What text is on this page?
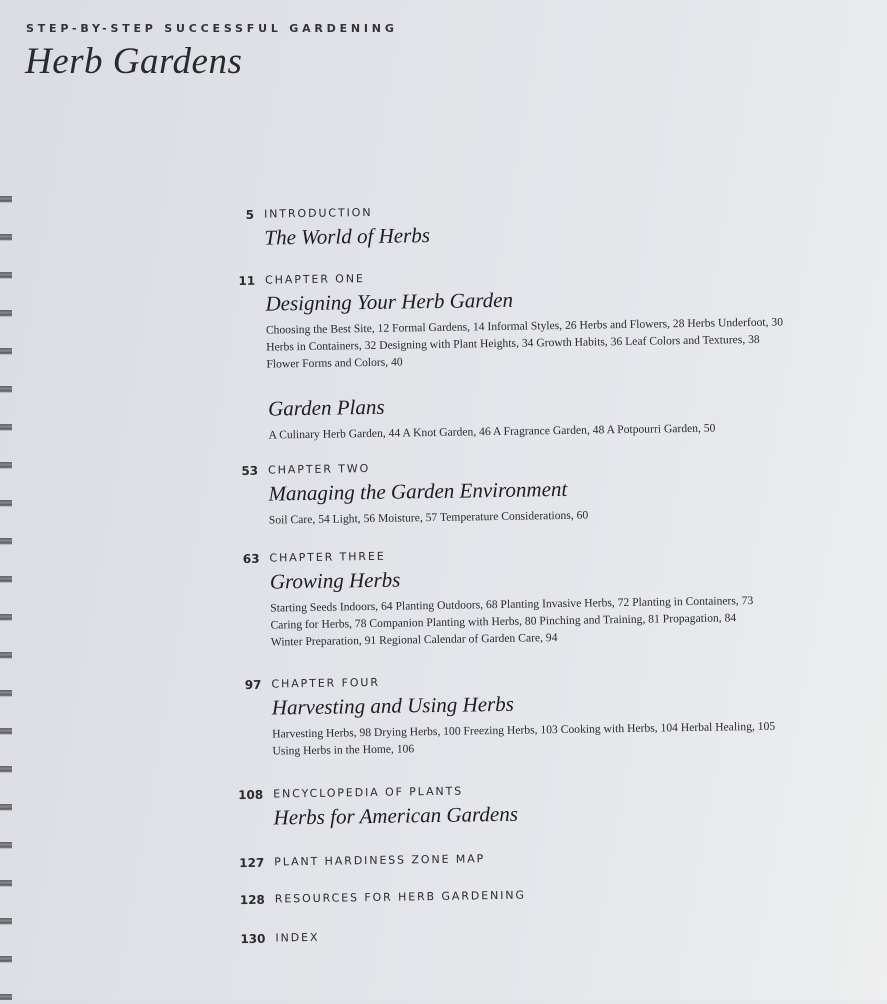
STEP-BY-STEP SUCCESSFUL GARDENING
Herb Gardens
5 INTRODUCTION
The World of Herbs
11 CHAPTER ONE
Designing Your Herb Garden
Choosing the Best Site, 12 Formal Gardens, 14 Informal Styles, 26 Herbs and Flowers, 28 Herbs Underfoot, 30
Herbs in Containers, 32 Designing with Plant Heights, 34 Growth Habits, 36 Leaf Colors and Textures, 38
Flower Forms and Colors, 40
Garden Plans
A Culinary Herb Garden, 44 A Knot Garden, 46 A Fragrance Garden, 48 A Potpourri Garden, 50
53 CHAPTER TWO
Managing the Garden Environment
Soil Care, 54 Light, 56 Moisture, 57 Temperature Considerations, 60
63 CHAPTER THREE
Growing Herbs
Starting Seeds Indoors, 64 Planting Outdoors, 68 Planting Invasive Herbs, 72 Planting in Containers, 73
Caring for Herbs, 78 Companion Planting with Herbs, 80 Pinching and Training, 81 Propagation, 84
Winter Preparation, 91 Regional Calendar of Garden Care, 94
97 CHAPTER FOUR
Harvesting and Using Herbs
Harvesting Herbs, 98 Drying Herbs, 100 Freezing Herbs, 103 Cooking with Herbs, 104 Herbal Healing, 105
Using Herbs in the Home, 106
108 ENCYCLOPEDIA OF PLANTS
Herbs for American Gardens
127 PLANT HARDINESS ZONE MAP
128 RESOURCES FOR HERB GARDENING
130 INDEX
